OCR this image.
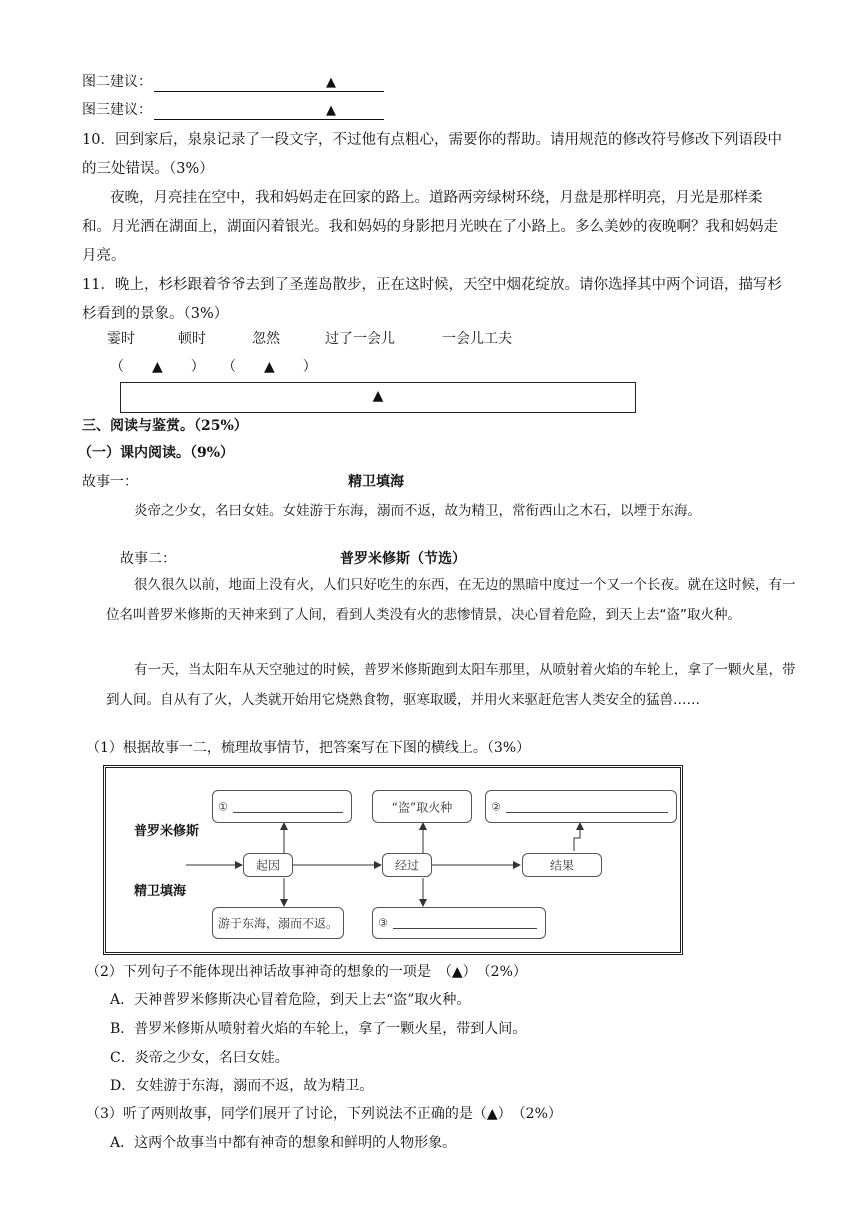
图二建议：	▲
图三建议：	▲
10．回到家后，泉泉记录了一段文字，不过他有点粗心，需要你的帮助。请用规范的修改符号修改下列语段中的三处错误。（3%）
夜晚，月亮挂在空中，我和妈妈走在回家的路上。道路两旁绿树环绕，月盘是那样明亮，月光是那样柔和。月光洒在湖面上，湖面闪着银光。我和妈妈的身影把月光映在了小路上。多么美妙的夜晚啊？我和妈妈走月亮。
11．晚上，杉杉跟着爷爷去到了圣莲岛散步，正在这时候，天空中烟花绽放。请你选择其中两个词语，描写杉杉看到的景象。（3%）
霎时	顿时	忽然	过了一会儿	一会儿工夫
（　　▲　　） （　　▲　　）
▲
三、阅读与鉴赏。（25%）
（一）课内阅读。（9%）
故事一：	精卫填海
炎帝之少女，名曰女娃。女娃游于东海，溺而不返，故为精卫，常衔西山之木石，以堙于东海。
故事二：	普罗米修斯（节选）
很久很久以前，地面上没有火，人们只好吃生的东西，在无边的黑暗中度过一个又一个长夜。就在这时候，有一位名叫普罗米修斯的天神来到了人间，看到人类没有火的悲惨情景，决心冒着危险，到天上去“盗”取火种。
有一天，当太阳车从天空驰过的时候，普罗米修斯跑到太阳车那里，从喷射着火焰的车轮上，拿了一颗火星，带到人间。自从有了火，人类就开始用它烧熟食物，驱寒取暖，并用火来驱赶危害人类安全的猛兽……
（1）根据故事一二，梳理故事情节，把答案写在下图的横线上。（3%）
普罗米修斯
精卫填海
①	“盗”取火种	②
起因	经过	结果
游于东海，溺而不返。	③
（2）下列句子不能体现出神话故事神奇的想象的一项是　（▲）　（2%）
A．天神普罗米修斯决心冒着危险，到天上去“盗”取火种。
B．普罗米修斯从喷射着火焰的车轮上，拿了一颗火星，带到人间。
C．炎帝之少女，名曰女娃。
D．女娃游于东海，溺而不返，故为精卫。
（3）听了两则故事，同学们展开了讨论，下列说法不正确的是（▲）　（2%）
A．这两个故事当中都有神奇的想象和鲜明的人物形象。
